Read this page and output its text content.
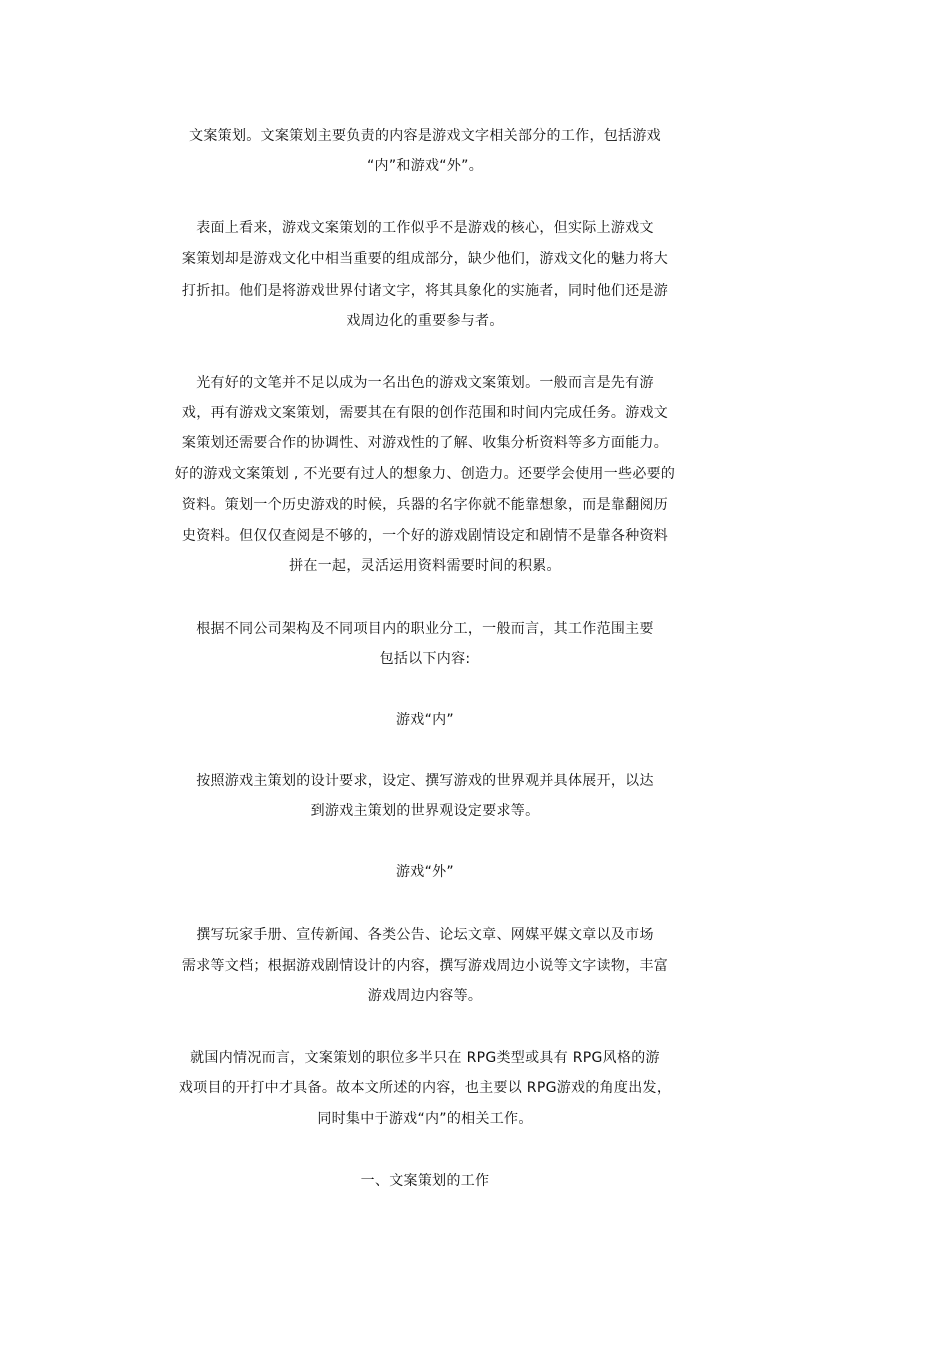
文案策划。文案策划主要负责的内容是游戏文字相关部分的工作，包括游戏
“内”和游戏“外”。
表面上看来，游戏文案策划的工作似乎不是游戏的核心，但实际上游戏文
案策划却是游戏文化中相当重要的组成部分，缺少他们，游戏文化的魅力将大
打折扣。他们是将游戏世界付诸文字，将其具象化的实施者，同时他们还是游
戏周边化的重要参与者。
光有好的文笔并不足以成为一名出色的游戏文案策划。一般而言是先有游
戏，再有游戏文案策划，需要其在有限的创作范围和时间内完成任务。游戏文
案策划还需要合作的协调性、对游戏性的了解、收集分析资料等多方面能力。
好的游戏文案策划 , 不光要有过人的想象力、创造力。还要学会使用一些必要的
资料。策划一个历史游戏的时候，兵器的名字你就不能靠想象，而是靠翻阅历
史资料。但仅仅查阅是不够的，一个好的游戏剧情设定和剧情不是靠各种资料
拼在一起，灵活运用资料需要时间的积累。
根据不同公司架构及不同项目内的职业分工，一般而言，其工作范围主要
包括以下内容:
游戏“内”
按照游戏主策划的设计要求，设定、撰写游戏的世界观并具体展开，以达
到游戏主策划的世界观设定要求等。
游戏“外”
撰写玩家手册、宣传新闻、各类公告、论坛文章、网媒平媒文章以及市场
需求等文档；根据游戏剧情设计的内容，撰写游戏周边小说等文字读物，丰富
游戏周边内容等。
就国内情况而言，文案策划的职位多半只在 RPG类型或具有 RPG风格的游
戏项目的开打中才具备。故本文所述的内容，也主要以 RPG游戏的角度出发，
同时集中于游戏“内”的相关工作。
一、文案策划的工作
